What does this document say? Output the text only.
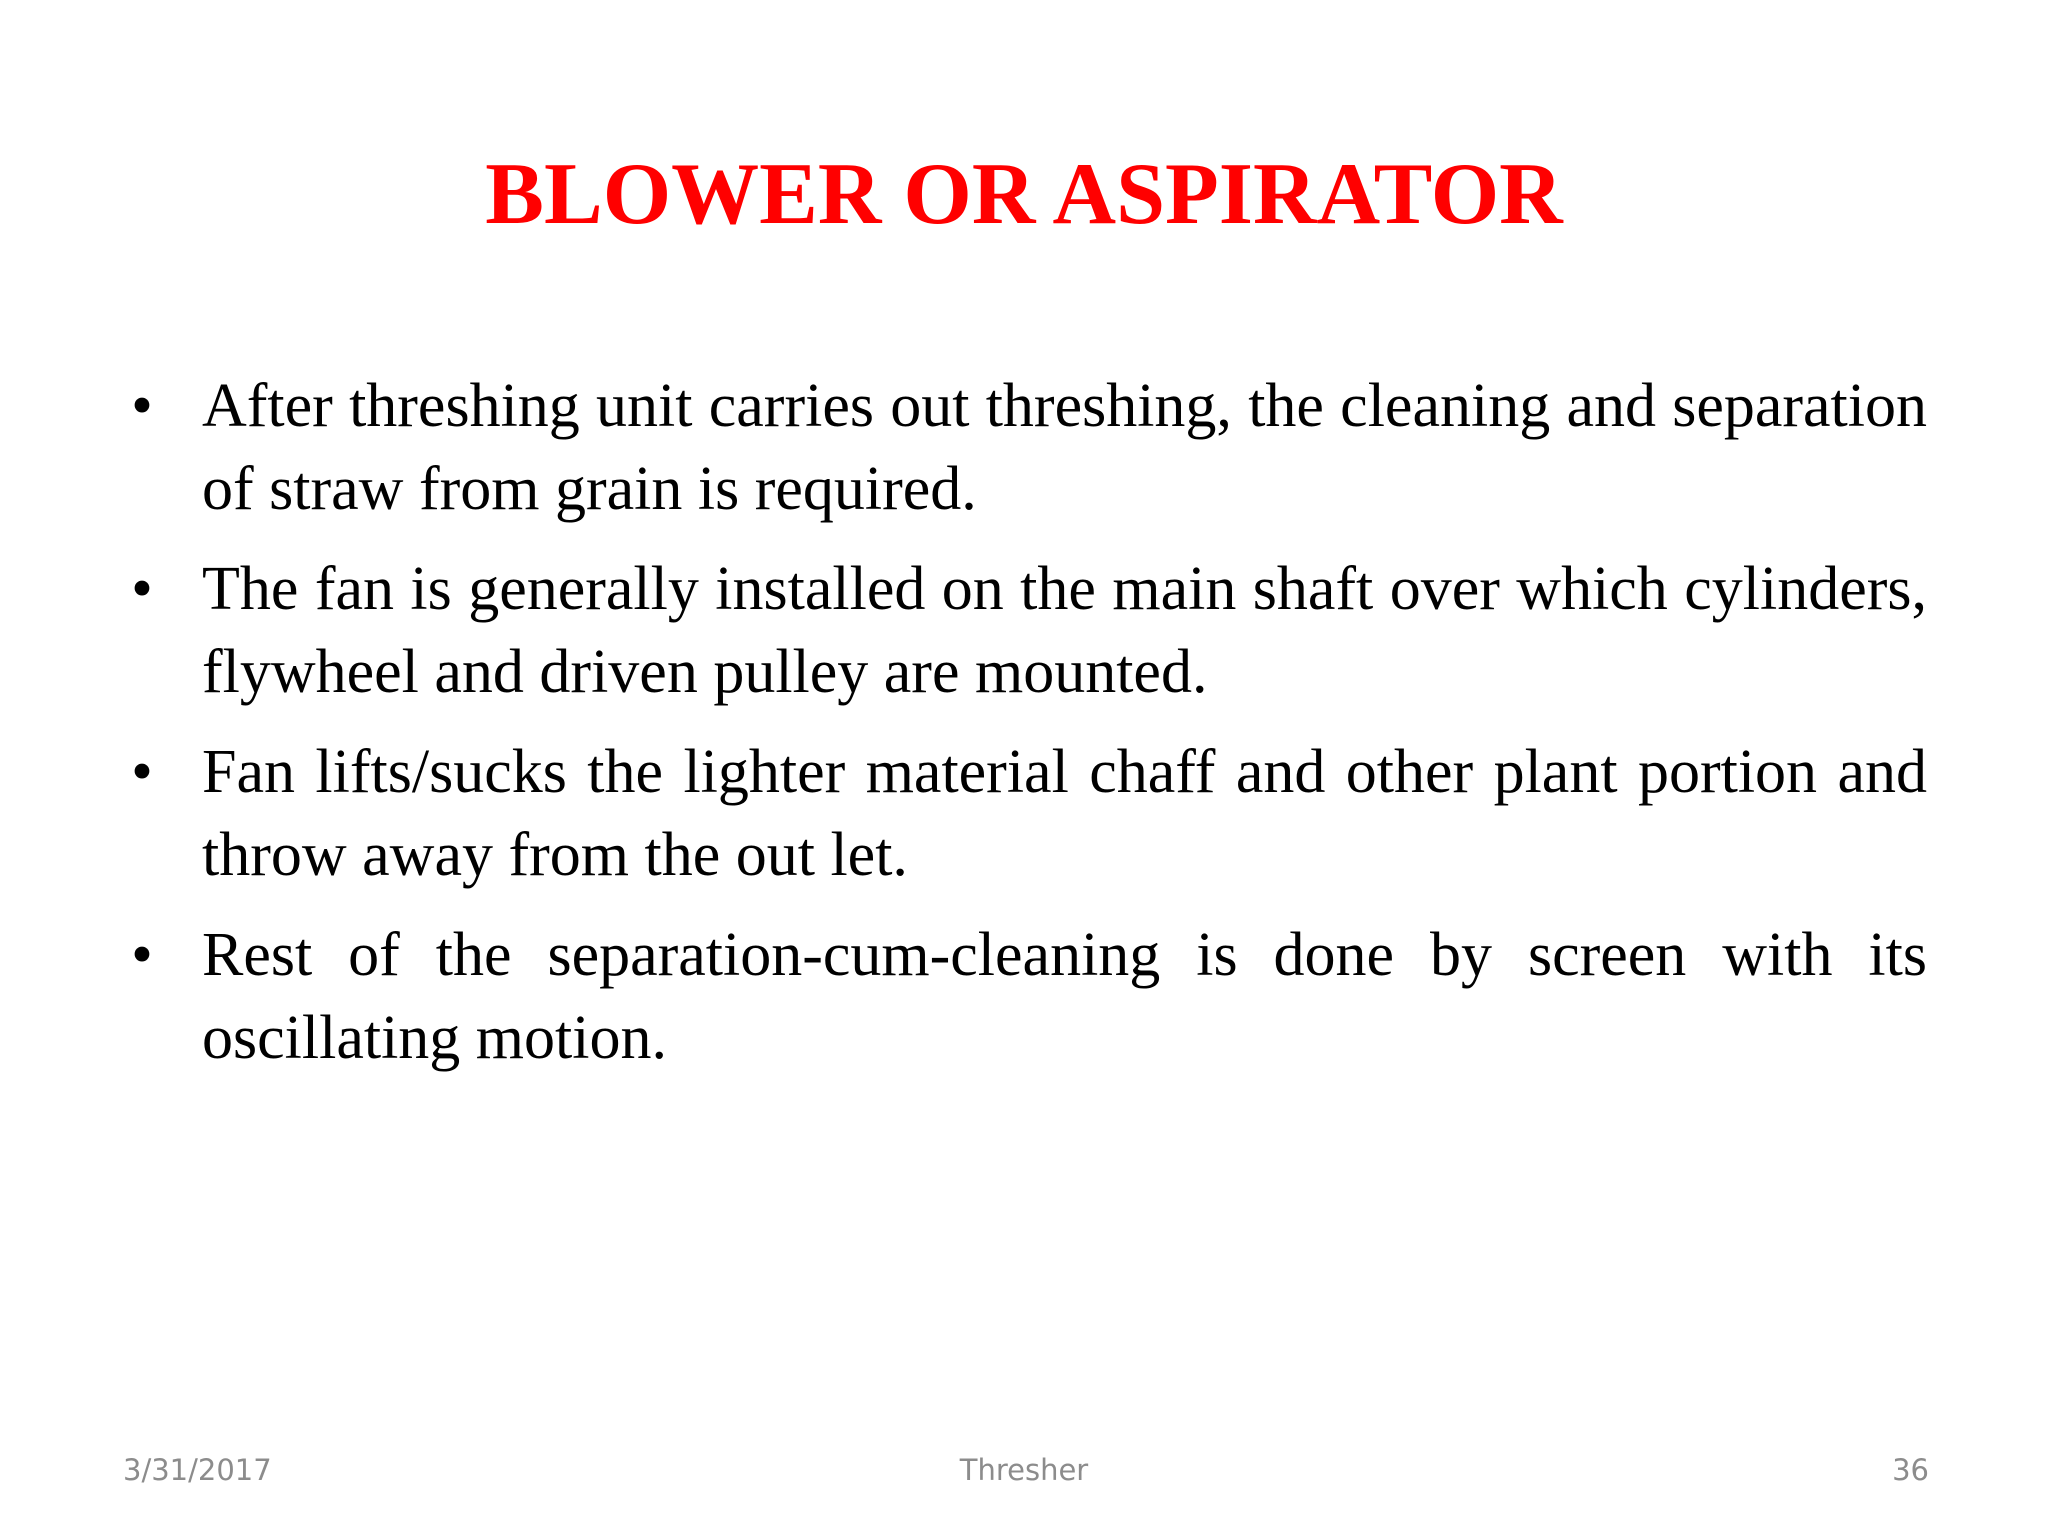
BLOWER OR ASPIRATOR
• After threshing unit carries out threshing, the cleaning and separation of straw from grain is required.
• The fan is generally installed on the main shaft over which cylinders, flywheel and driven pulley are mounted.
• Fan lifts/sucks the lighter material chaff and other plant portion and throw away from the out let.
• Rest of the separation-cum-cleaning is done by screen with its oscillating motion.
3/31/2017	Thresher	36
